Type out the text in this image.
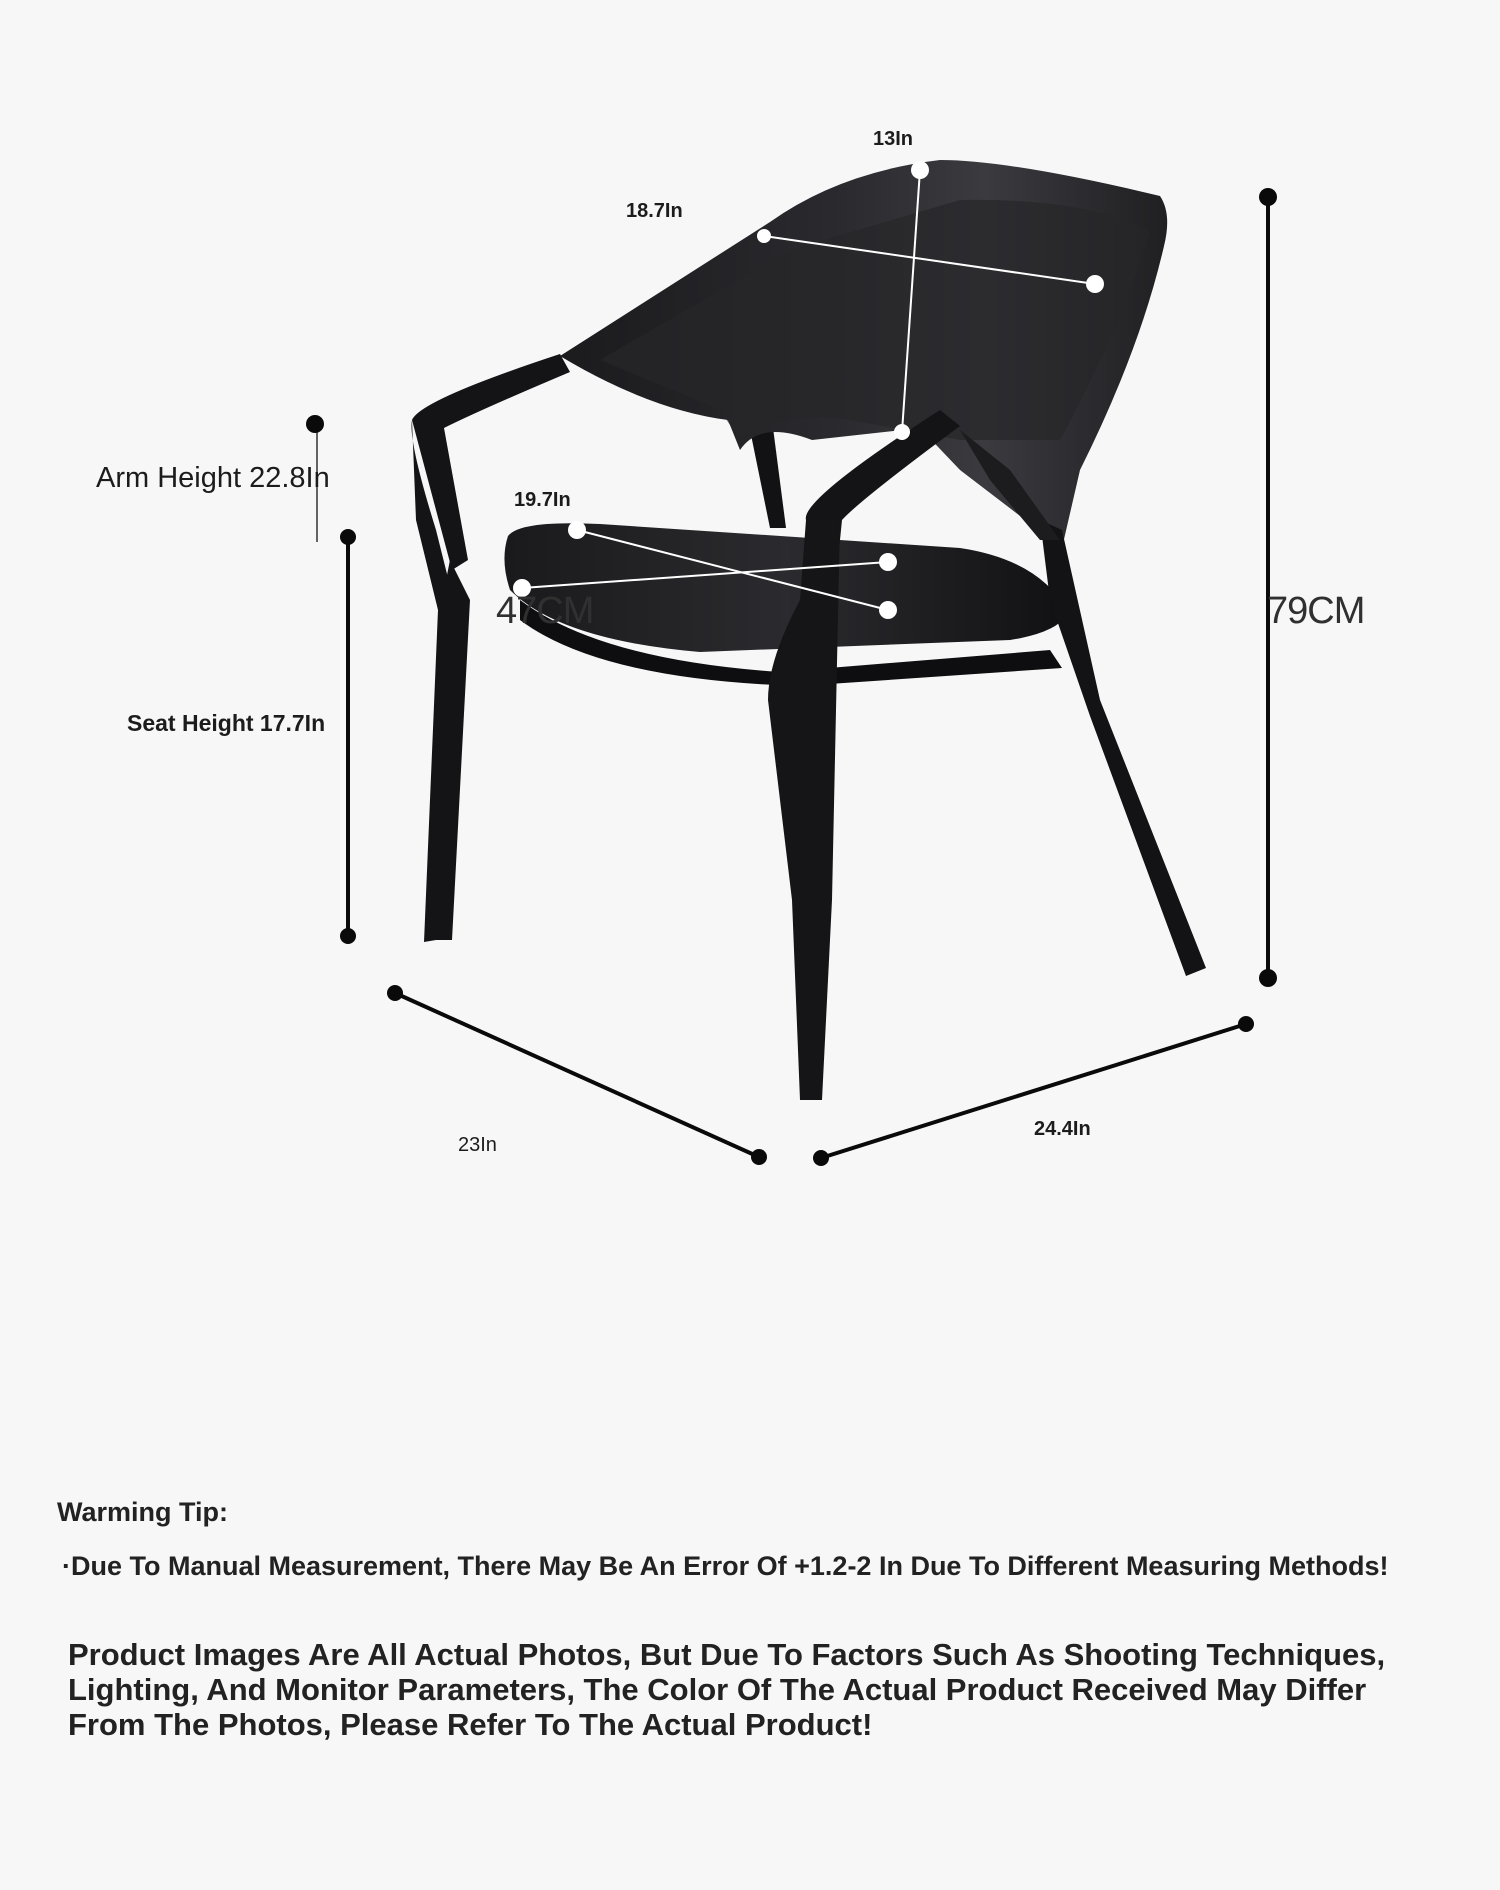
13In
18.7In
Arm Height 22.8In
19.7In
47CM	79CM
Seat Height 17.7In
23In
24.4In
Warming Tip:
·Due To Manual Measurement, There May Be An Error Of +1.2-2 In Due To Different Measuring Methods!
Product Images Are All Actual Photos, But Due To Factors Such As Shooting Techniques, Lighting, And Monitor Parameters, The Color Of The Actual Product Received May Differ From The Photos, Please Refer To The Actual Product!
